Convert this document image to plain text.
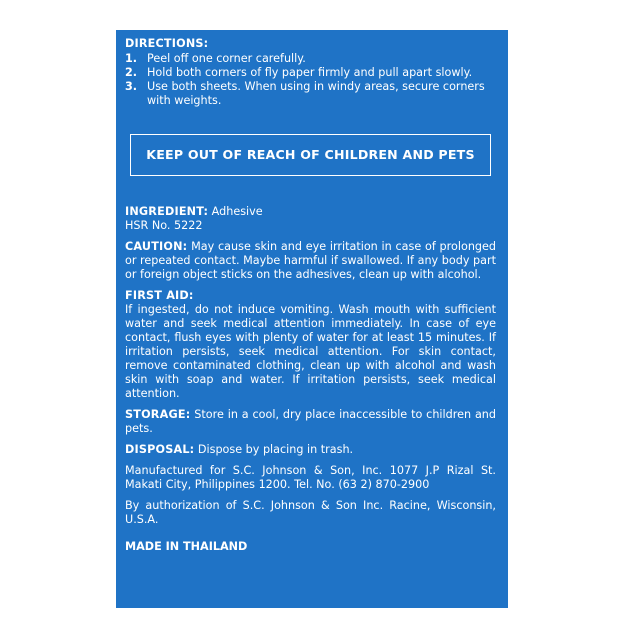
DIRECTIONS:
1. Peel off one corner carefully.
2. Hold both corners of fly paper firmly and pull apart slowly.
3. Use both sheets. When using in windy areas, secure corners with weights.
KEEP OUT OF REACH OF CHILDREN AND PETS
INGREDIENT: Adhesive
HSR No. 5222
CAUTION: May cause skin and eye irritation in case of prolonged or repeated contact. Maybe harmful if swallowed. If any body part or foreign object sticks on the adhesives, clean up with alcohol.
FIRST AID:
If ingested, do not induce vomiting. Wash mouth with sufficient water and seek medical attention immediately. In case of eye contact, flush eyes with plenty of water for at least 15 minutes. If irritation persists, seek medical attention. For skin contact, remove contaminated clothing, clean up with alcohol and wash skin with soap and water. If irritation persists, seek medical attention.
STORAGE: Store in a cool, dry place inaccessible to children and pets.
DISPOSAL: Dispose by placing in trash.
Manufactured for S.C. Johnson & Son, Inc. 1077 J.P Rizal St. Makati City, Philippines 1200. Tel. No. (63 2) 870-2900
By authorization of S.C. Johnson & Son Inc. Racine, Wisconsin, U.S.A.
MADE IN THAILAND
